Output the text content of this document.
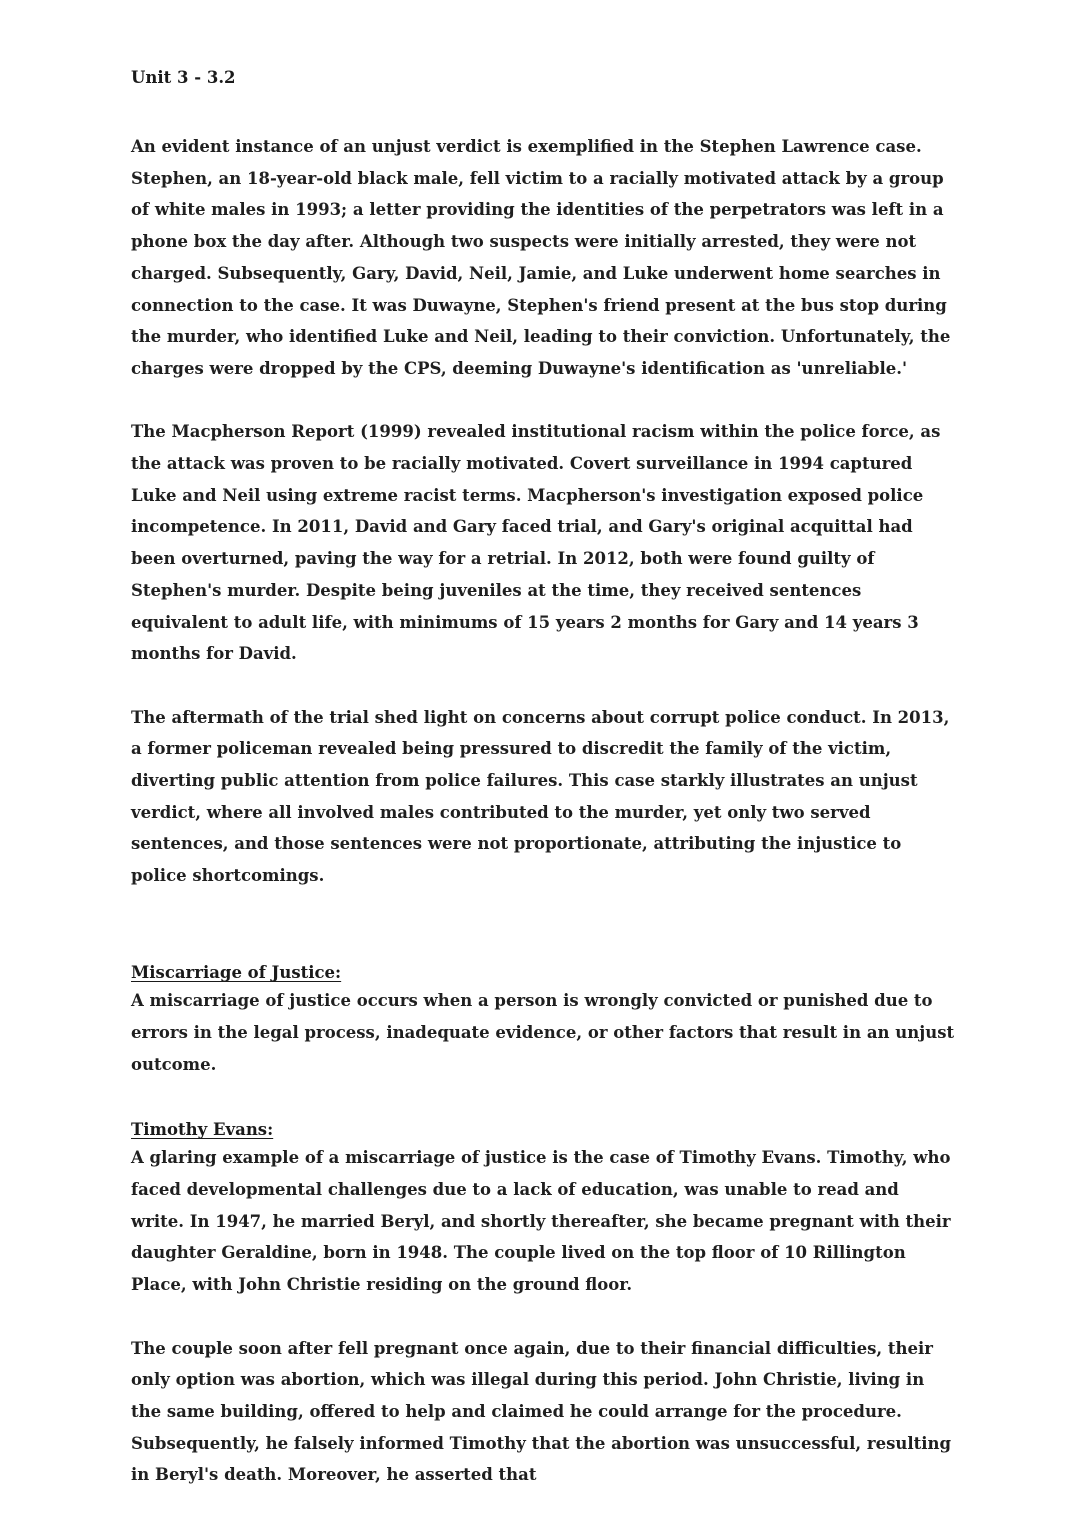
Unit 3 - 3.2

An evident instance of an unjust verdict is exemplified in the Stephen Lawrence case. Stephen, an 18-year-old black male, fell victim to a racially motivated attack by a group of white males in 1993; a letter providing the identities of the perpetrators was left in a phone box the day after. Although two suspects were initially arrested, they were not charged. Subsequently, Gary, David, Neil, Jamie, and Luke underwent home searches in connection to the case. It was Duwayne, Stephen's friend present at the bus stop during the murder, who identified Luke and Neil, leading to their conviction. Unfortunately, the charges were dropped by the CPS, deeming Duwayne's identification as 'unreliable.'

The Macpherson Report (1999) revealed institutional racism within the police force, as the attack was proven to be racially motivated. Covert surveillance in 1994 captured Luke and Neil using extreme racist terms. Macpherson's investigation exposed police incompetence. In 2011, David and Gary faced trial, and Gary's original acquittal had been overturned, paving the way for a retrial. In 2012, both were found guilty of Stephen's murder. Despite being juveniles at the time, they received sentences equivalent to adult life, with minimums of 15 years 2 months for Gary and 14 years 3 months for David.

The aftermath of the trial shed light on concerns about corrupt police conduct. In 2013, a former policeman revealed being pressured to discredit the family of the victim, diverting public attention from police failures. This case starkly illustrates an unjust verdict, where all involved males contributed to the murder, yet only two served sentences, and those sentences were not proportionate, attributing the injustice to police shortcomings.

Miscarriage of Justice:

A miscarriage of justice occurs when a person is wrongly convicted or punished due to errors in the legal process, inadequate evidence, or other factors that result in an unjust outcome.

Timothy Evans:

A glaring example of a miscarriage of justice is the case of Timothy Evans. Timothy, who faced developmental challenges due to a lack of education, was unable to read and write. In 1947, he married Beryl, and shortly thereafter, she became pregnant with their daughter Geraldine, born in 1948. The couple lived on the top floor of 10 Rillington Place, with John Christie residing on the ground floor.

The couple soon after fell pregnant once again, due to their financial difficulties, their only option was abortion, which was illegal during this period. John Christie, living in the same building, offered to help and claimed he could arrange for the procedure. Subsequently, he falsely informed Timothy that the abortion was unsuccessful, resulting in Beryl's death. Moreover, he asserted that
